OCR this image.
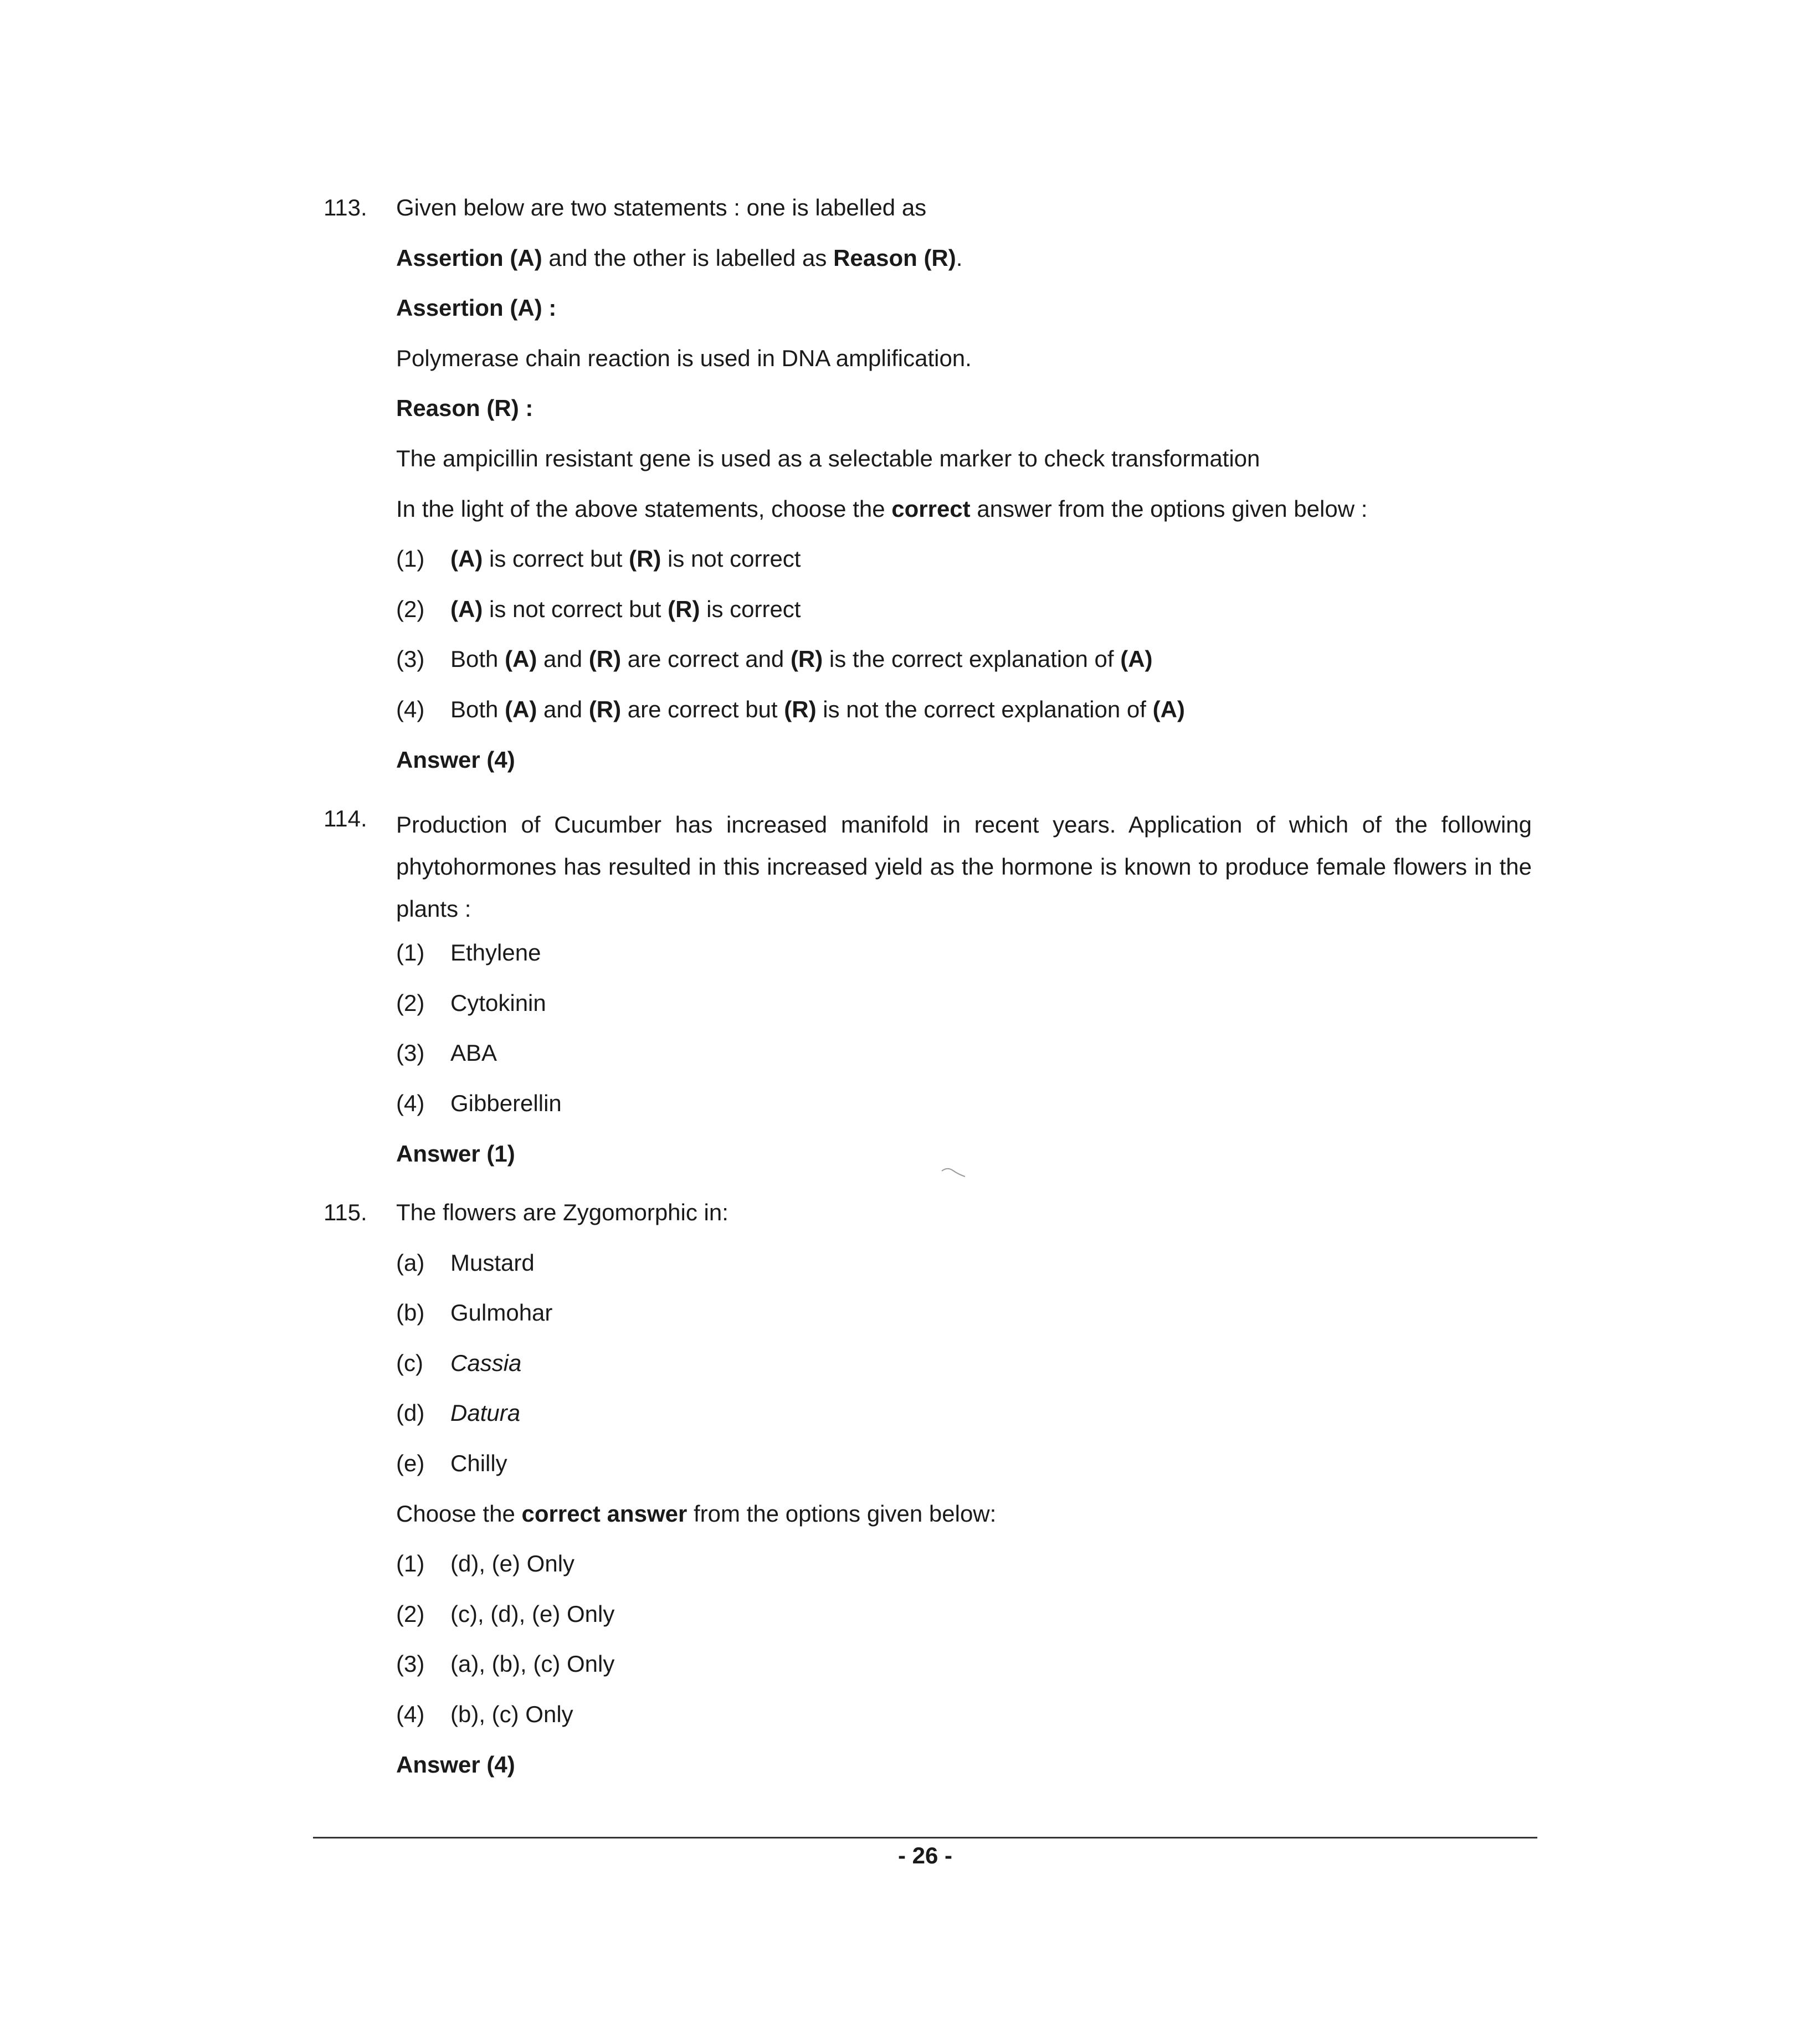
113.	Given below are two statements : one is labelled as
Assertion (A) and the other is labelled as Reason (R).
Assertion (A) :
Polymerase chain reaction is used in DNA amplification.
Reason (R) :
The ampicillin resistant gene is used as a selectable marker to check transformation
In the light of the above statements, choose the correct answer from the options given below :
(1)	(A) is correct but (R) is not correct
(2)	(A) is not correct but (R) is correct
(3)	Both (A) and (R) are correct and (R) is the correct explanation of (A)
(4)	Both (A) and (R) are correct but (R) is not the correct explanation of (A)
Answer (4)
114.	Production of Cucumber has increased manifold in recent years. Application of which of the following phytohormones has resulted in this increased yield as the hormone is known to produce female flowers in the plants :
(1)	Ethylene
(2)	Cytokinin
(3)	ABA
(4)	Gibberellin
Answer (1)
115.	The flowers are Zygomorphic in:
(a)	Mustard
(b)	Gulmohar
(c)	Cassia
(d)	Datura
(e)	Chilly
Choose the correct answer from the options given below:
(1)	(d), (e) Only
(2)	(c), (d), (e) Only
(3)	(a), (b), (c) Only
(4)	(b), (c) Only
Answer (4)
- 26 -
